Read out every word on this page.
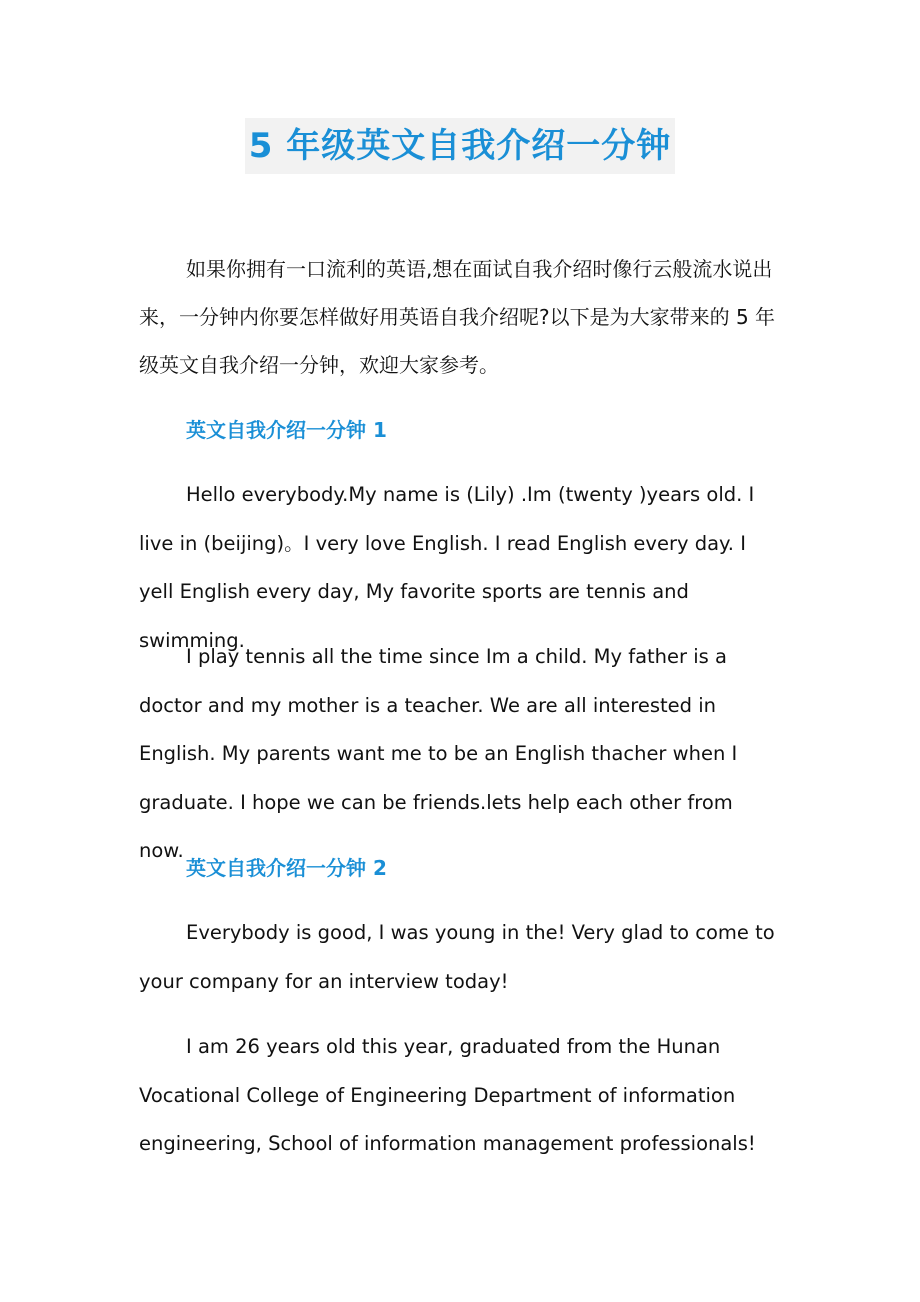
5 年级英文自我介绍一分钟

如果你拥有一口流利的英语,想在面试自我介绍时像行云般流水说出来，一分钟内你要怎样做好用英语自我介绍呢?以下是为大家带来的 5 年级英文自我介绍一分钟，欢迎大家参考。

英文自我介绍一分钟 1

Hello everybody.My name is (Lily) .Im (twenty )years old. I live in (beijing)。I very love English. I read English every day. I yell English every day, My favorite sports are tennis and swimming.

I play tennis all the time since Im a child. My father is a doctor and my mother is a teacher. We are all interested in English. My parents want me to be an English thacher when I graduate. I hope we can be friends.lets help each other from now.

英文自我介绍一分钟 2

Everybody is good, I was young in the! Very glad to come to your company for an interview today!

I am 26 years old this year, graduated from the Hunan Vocational College of Engineering Department of information engineering, School of information management professionals!
